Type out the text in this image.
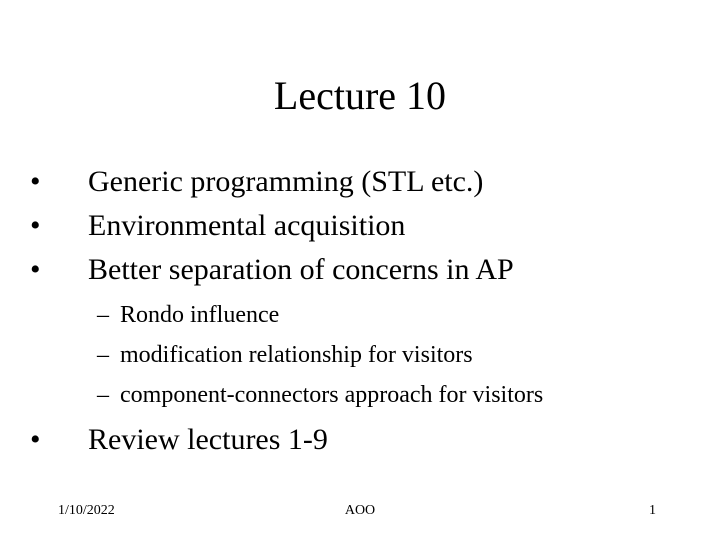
Lecture 10
• Generic programming (STL etc.)
• Environmental acquisition
• Better separation of concerns in AP
– Rondo influence
– modification relationship for visitors
– component-connectors approach for visitors
• Review lectures 1-9
1/10/2022	AOO	1
